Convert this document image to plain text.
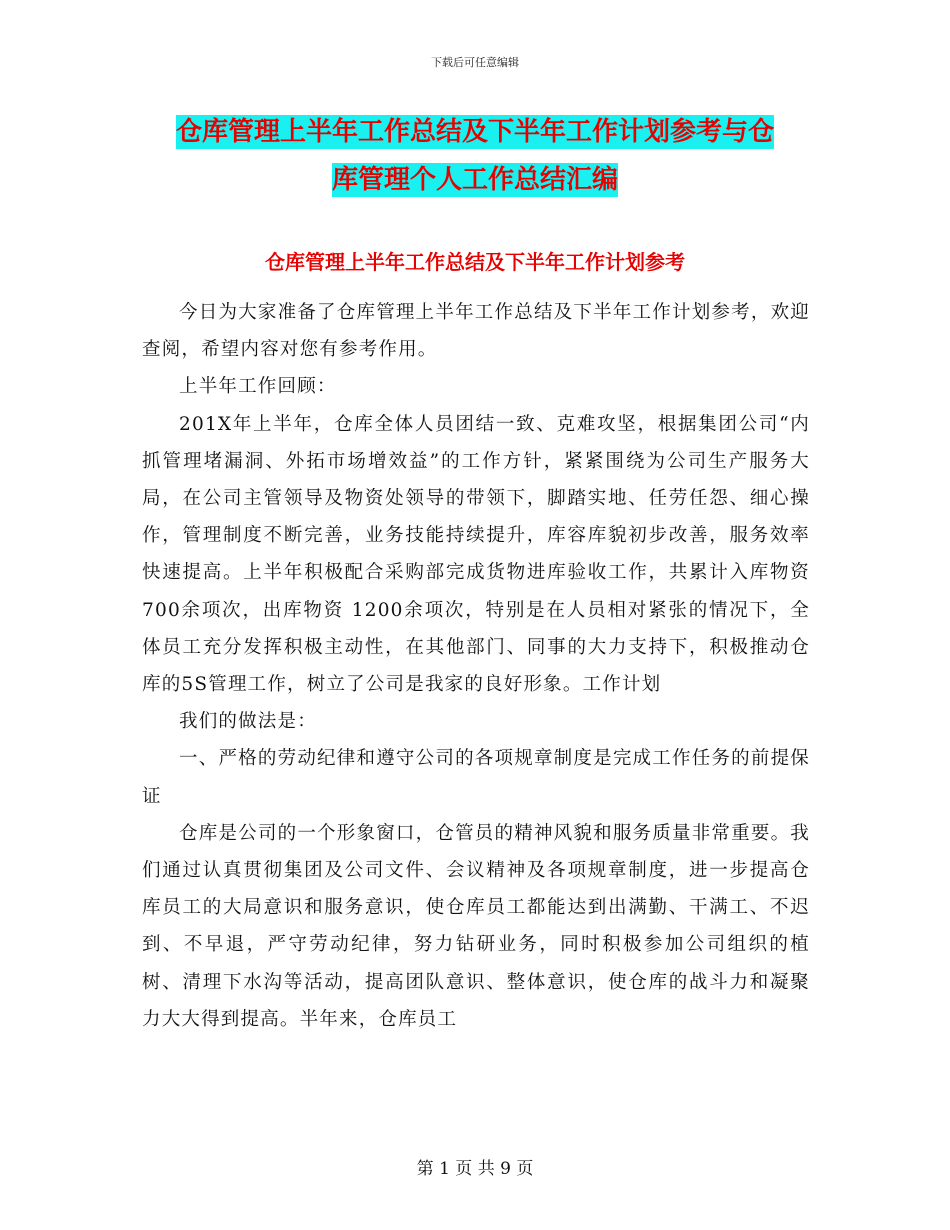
下载后可任意编辑
仓库管理上半年工作总结及下半年工作计划参考与仓
库管理个人工作总结汇编
仓库管理上半年工作总结及下半年工作计划参考

今日为大家准备了仓库管理上半年工作总结及下半年工作计划参考，欢迎查阅，希望内容对您有参考作用。

上半年工作回顾：

201X年上半年，仓库全体人员团结一致、克难攻坚，根据集团公司“内抓管理堵漏洞、外拓市场增效益”的工作方针，紧紧围绕为公司生产服务大局，在公司主管领导及物资处领导的带领下，脚踏实地、任劳任怨、细心操作，管理制度不断完善，业务技能持续提升，库容库貌初步改善，服务效率快速提高。上半年积极配合采购部完成货物进库验收工作，共累计入库物资700余项次，出库物资 1200余项次，特别是在人员相对紧张的情况下，全体员工充分发挥积极主动性，在其他部门、同事的大力支持下，积极推动仓库的5S管理工作，树立了公司是我家的良好形象。工作计划

我们的做法是：

一、严格的劳动纪律和遵守公司的各项规章制度是完成工作任务的前提保证

仓库是公司的一个形象窗口，仓管员的精神风貌和服务质量非常重要。我们通过认真贯彻集团及公司文件、会议精神及各项规章制度，进一步提高仓库员工的大局意识和服务意识，使仓库员工都能达到出满勤、干满工、不迟到、不早退，严守劳动纪律，努力钻研业务，同时积极参加公司组织的植树、清理下水沟等活动，提高团队意识、整体意识，使仓库的战斗力和凝聚力大大得到提高。半年来，仓库员工

第 1 页 共 9 页
